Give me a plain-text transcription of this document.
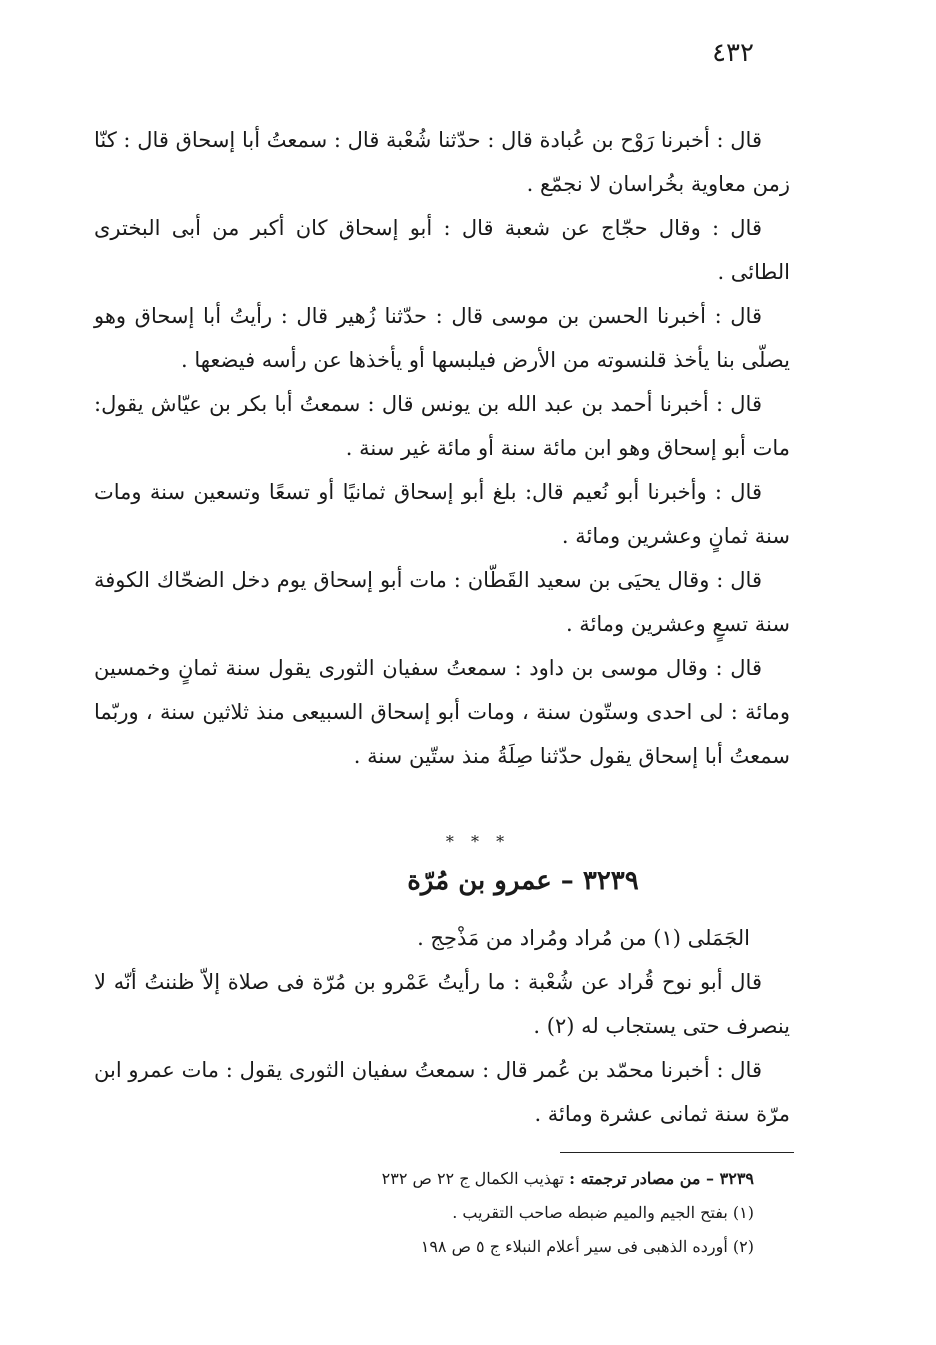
٤٣٢

قال : أخبرنا رَوْح بن عُبادة قال : حدّثنا شُعْبة قال : سمعتُ أبا إسحاق قال : كنّا زمن معاوية بخُراسان لا نجمّع .

قال : وقال حجّاج عن شعبة قال : أبو إسحاق كان أكبر من أبى البخترى الطائى .

قال : أخبرنا الحسن بن موسى قال : حدّثنا زُهير قال : رأيتُ أبا إسحاق وهو يصلّى بنا يأخذ قلنسوته من الأرض فيلبسها أو يأخذها عن رأسه فيضعها .

قال : أخبرنا أحمد بن عبد الله بن يونس قال : سمعتُ أبا بكر بن عيّاش يقول: مات أبو إسحاق وهو ابن مائة سنة أو مائة غير سنة .

قال : وأخبرنا أبو نُعيم قال: بلغ أبو إسحاق ثمانيًا أو تسعًا وتسعين سنة ومات سنة ثمانٍ وعشرين ومائة .

قال : وقال يحيَى بن سعيد القَطّان : مات أبو إسحاق يوم دخل الضحّاك الكوفة سنة تسعٍ وعشرين ومائة .

قال : وقال موسى بن داود : سمعتُ سفيان الثورى يقول سنة ثمانٍ وخمسين ومائة : لى احدى وستّون سنة ، ومات أبو إسحاق السبيعى منذ ثلاثين سنة ، وربّما سمعتُ أبا إسحاق يقول حدّثنا صِلَةُ منذ ستّين سنة .

* * *
٣٢٣٩ – عمرو بن مُرّة

الجَمَلى (١) من مُراد ومُراد من مَذْحِج .

قال أبو نوح قُراد عن شُعْبة : ما رأيتُ عَمْرو بن مُرّة فى صلاة إلاّ ظننتُ أنّه لا ينصرف حتى يستجاب له (٢) .

قال : أخبرنا محمّد بن عُمر قال : سمعتُ سفيان الثورى يقول : مات عمرو ابن مرّة سنة ثمانى عشرة ومائة .

٣٢٣٩ – من مصادر ترجمته : تهذيب الكمال ج ٢٢ ص ٢٣٢
(١) بفتح الجيم والميم ضبطه صاحب التقريب .
(٢) أورده الذهبى فى سير أعلام النبلاء ج ٥ ص ١٩٨
